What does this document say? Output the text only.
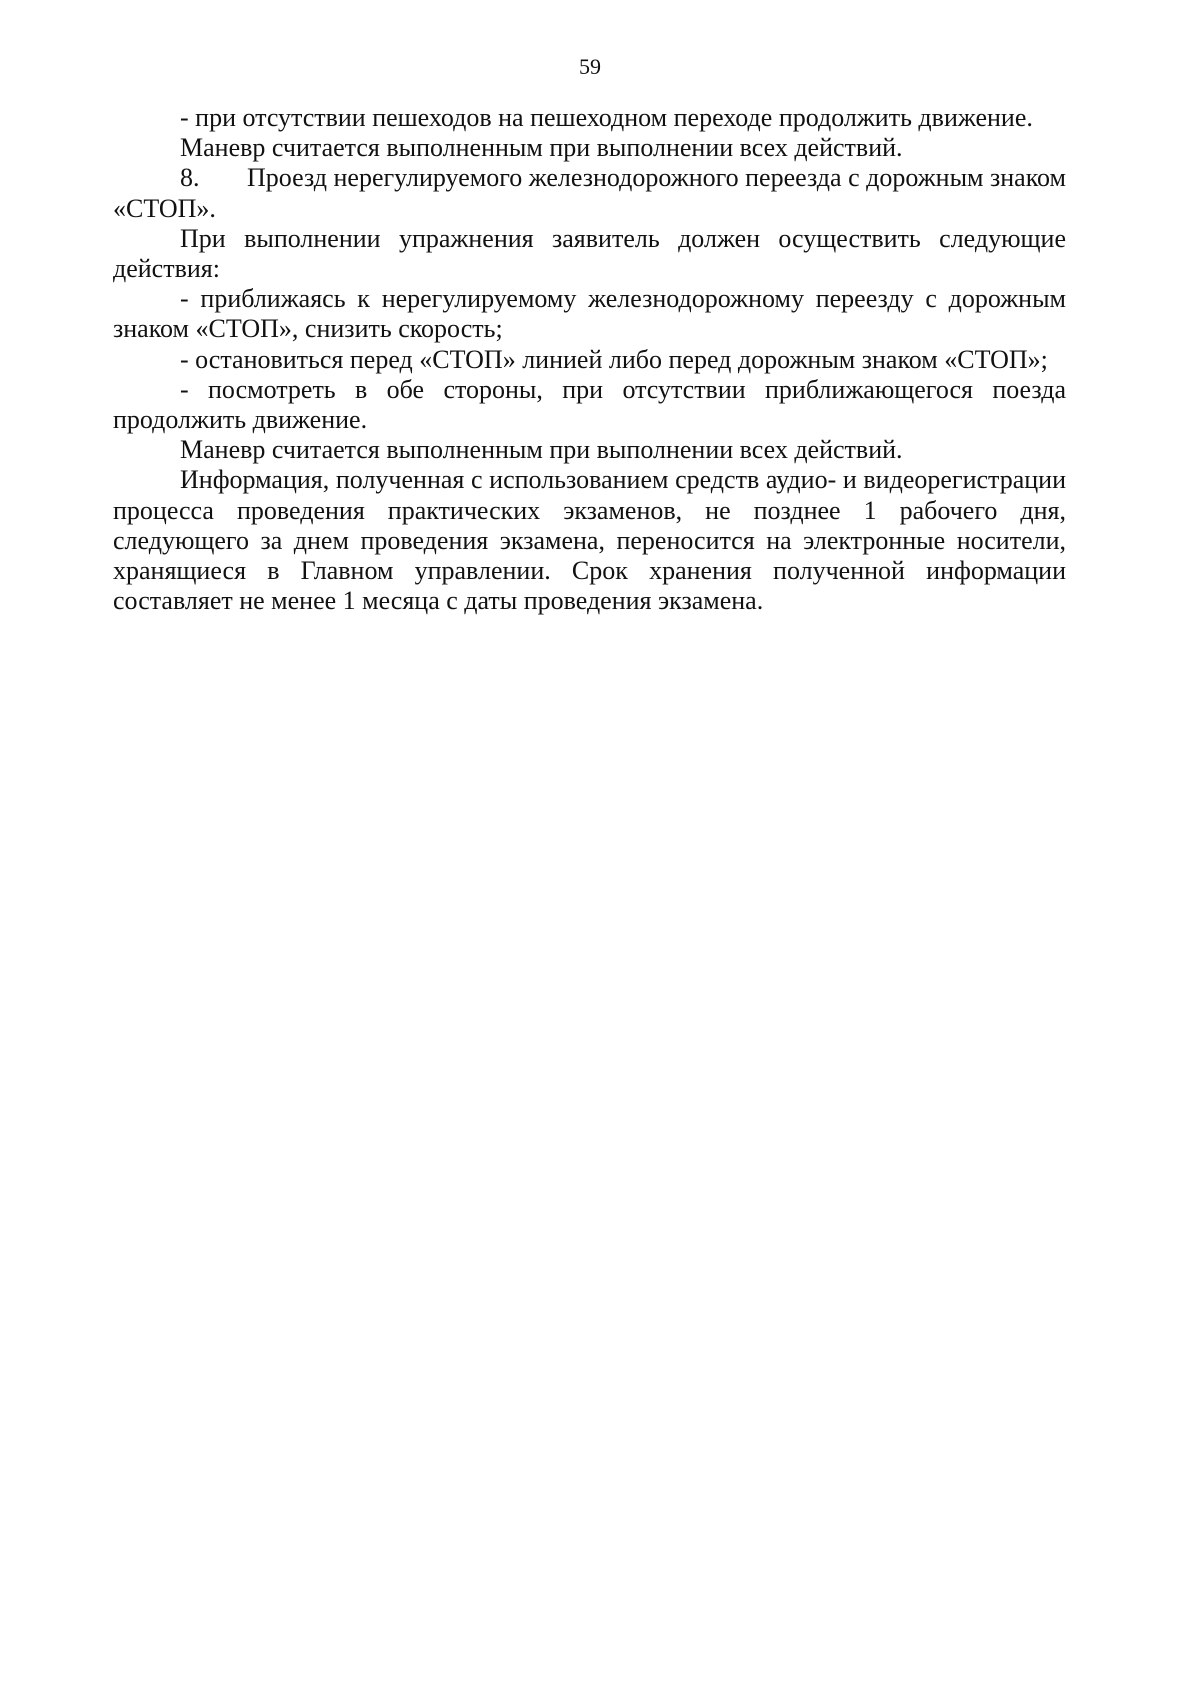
59

- при отсутствии пешеходов на пешеходном переходе продолжить движение.

Маневр считается выполненным при выполнении всех действий.

8. Проезд нерегулируемого железнодорожного переезда с дорожным знаком «СТОП».

При выполнении упражнения заявитель должен осуществить следующие действия:

- приближаясь к нерегулируемому железнодорожному переезду с дорожным знаком «СТОП», снизить скорость;

- остановиться перед «СТОП» линией либо перед дорожным знаком «СТОП»;

- посмотреть в обе стороны, при отсутствии приближающегося поезда продолжить движение.

Маневр считается выполненным при выполнении всех действий.

Информация, полученная с использованием средств аудио- и видеорегистрации процесса проведения практических экзаменов, не позднее 1 рабочего дня, следующего за днем проведения экзамена, переносится на электронные носители, хранящиеся в Главном управлении. Срок хранения полученной информации составляет не менее 1 месяца с даты проведения экзамена.
